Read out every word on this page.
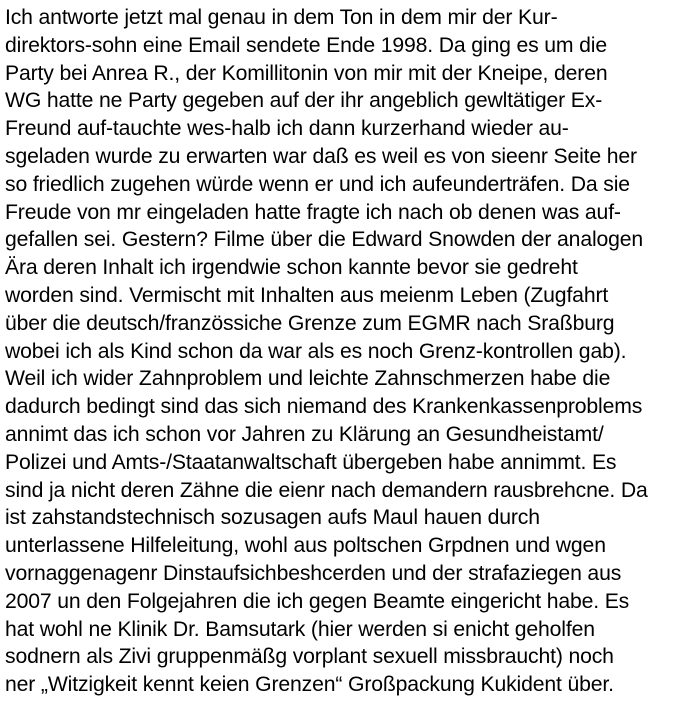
Ich antworte jetzt mal genau in dem Ton in dem mir der Kur-
direktors-sohn eine Email sendete Ende 1998. Da ging es um die
Party bei Anrea R., der Komillitonin von mir mit der Kneipe, deren
WG hatte ne Party gegeben auf der ihr angeblich gewltätiger Ex-
Freund auf-tauchte wes-halb ich dann kurzerhand wieder au-
sgeladen wurde zu erwarten war daß es weil es von sieenr Seite her
so friedlich zugehen würde wenn er und ich aufeunderträfen. Da sie
Freude von mr eingeladen hatte fragte ich nach ob denen was auf-
gefallen sei. Gestern? Filme über die Edward Snowden der analogen
Ära deren Inhalt ich irgendwie schon kannte bevor sie gedreht
worden sind. Vermischt mit Inhalten aus meienm Leben (Zugfahrt
über die deutsch/französsiche Grenze zum EGMR nach Sraßburg
wobei ich als Kind schon da war als es noch Grenz-kontrollen gab).
Weil ich wider Zahnproblem und leichte Zahnschmerzen habe die
dadurch bedingt sind das sich niemand des Krankenkassenproblems
annimt das ich schon vor Jahren zu Klärung an Gesundheistamt/
Polizei und Amts-/Staatanwaltschaft übergeben habe annimmt. Es
sind ja nicht deren Zähne die eienr nach demandern rausbrehcne. Da
ist zahstandstechnisch sozusagen aufs Maul hauen durch
unterlassene Hilfeleitung, wohl aus poltschen Grpdnen und wgen
vornaggenagenr Dinstaufsichbeshcerden und der strafaziegen aus
2007 un den Folgejahren die ich gegen Beamte eingericht habe. Es
hat wohl ne Klinik Dr. Bamsutark (hier werden si enicht geholfen
sodnern als Zivi gruppenmäßg vorplant sexuell missbraucht) noch
ner „Witzigkeit kennt keien Grenzen“ Großpackung Kukident über.
